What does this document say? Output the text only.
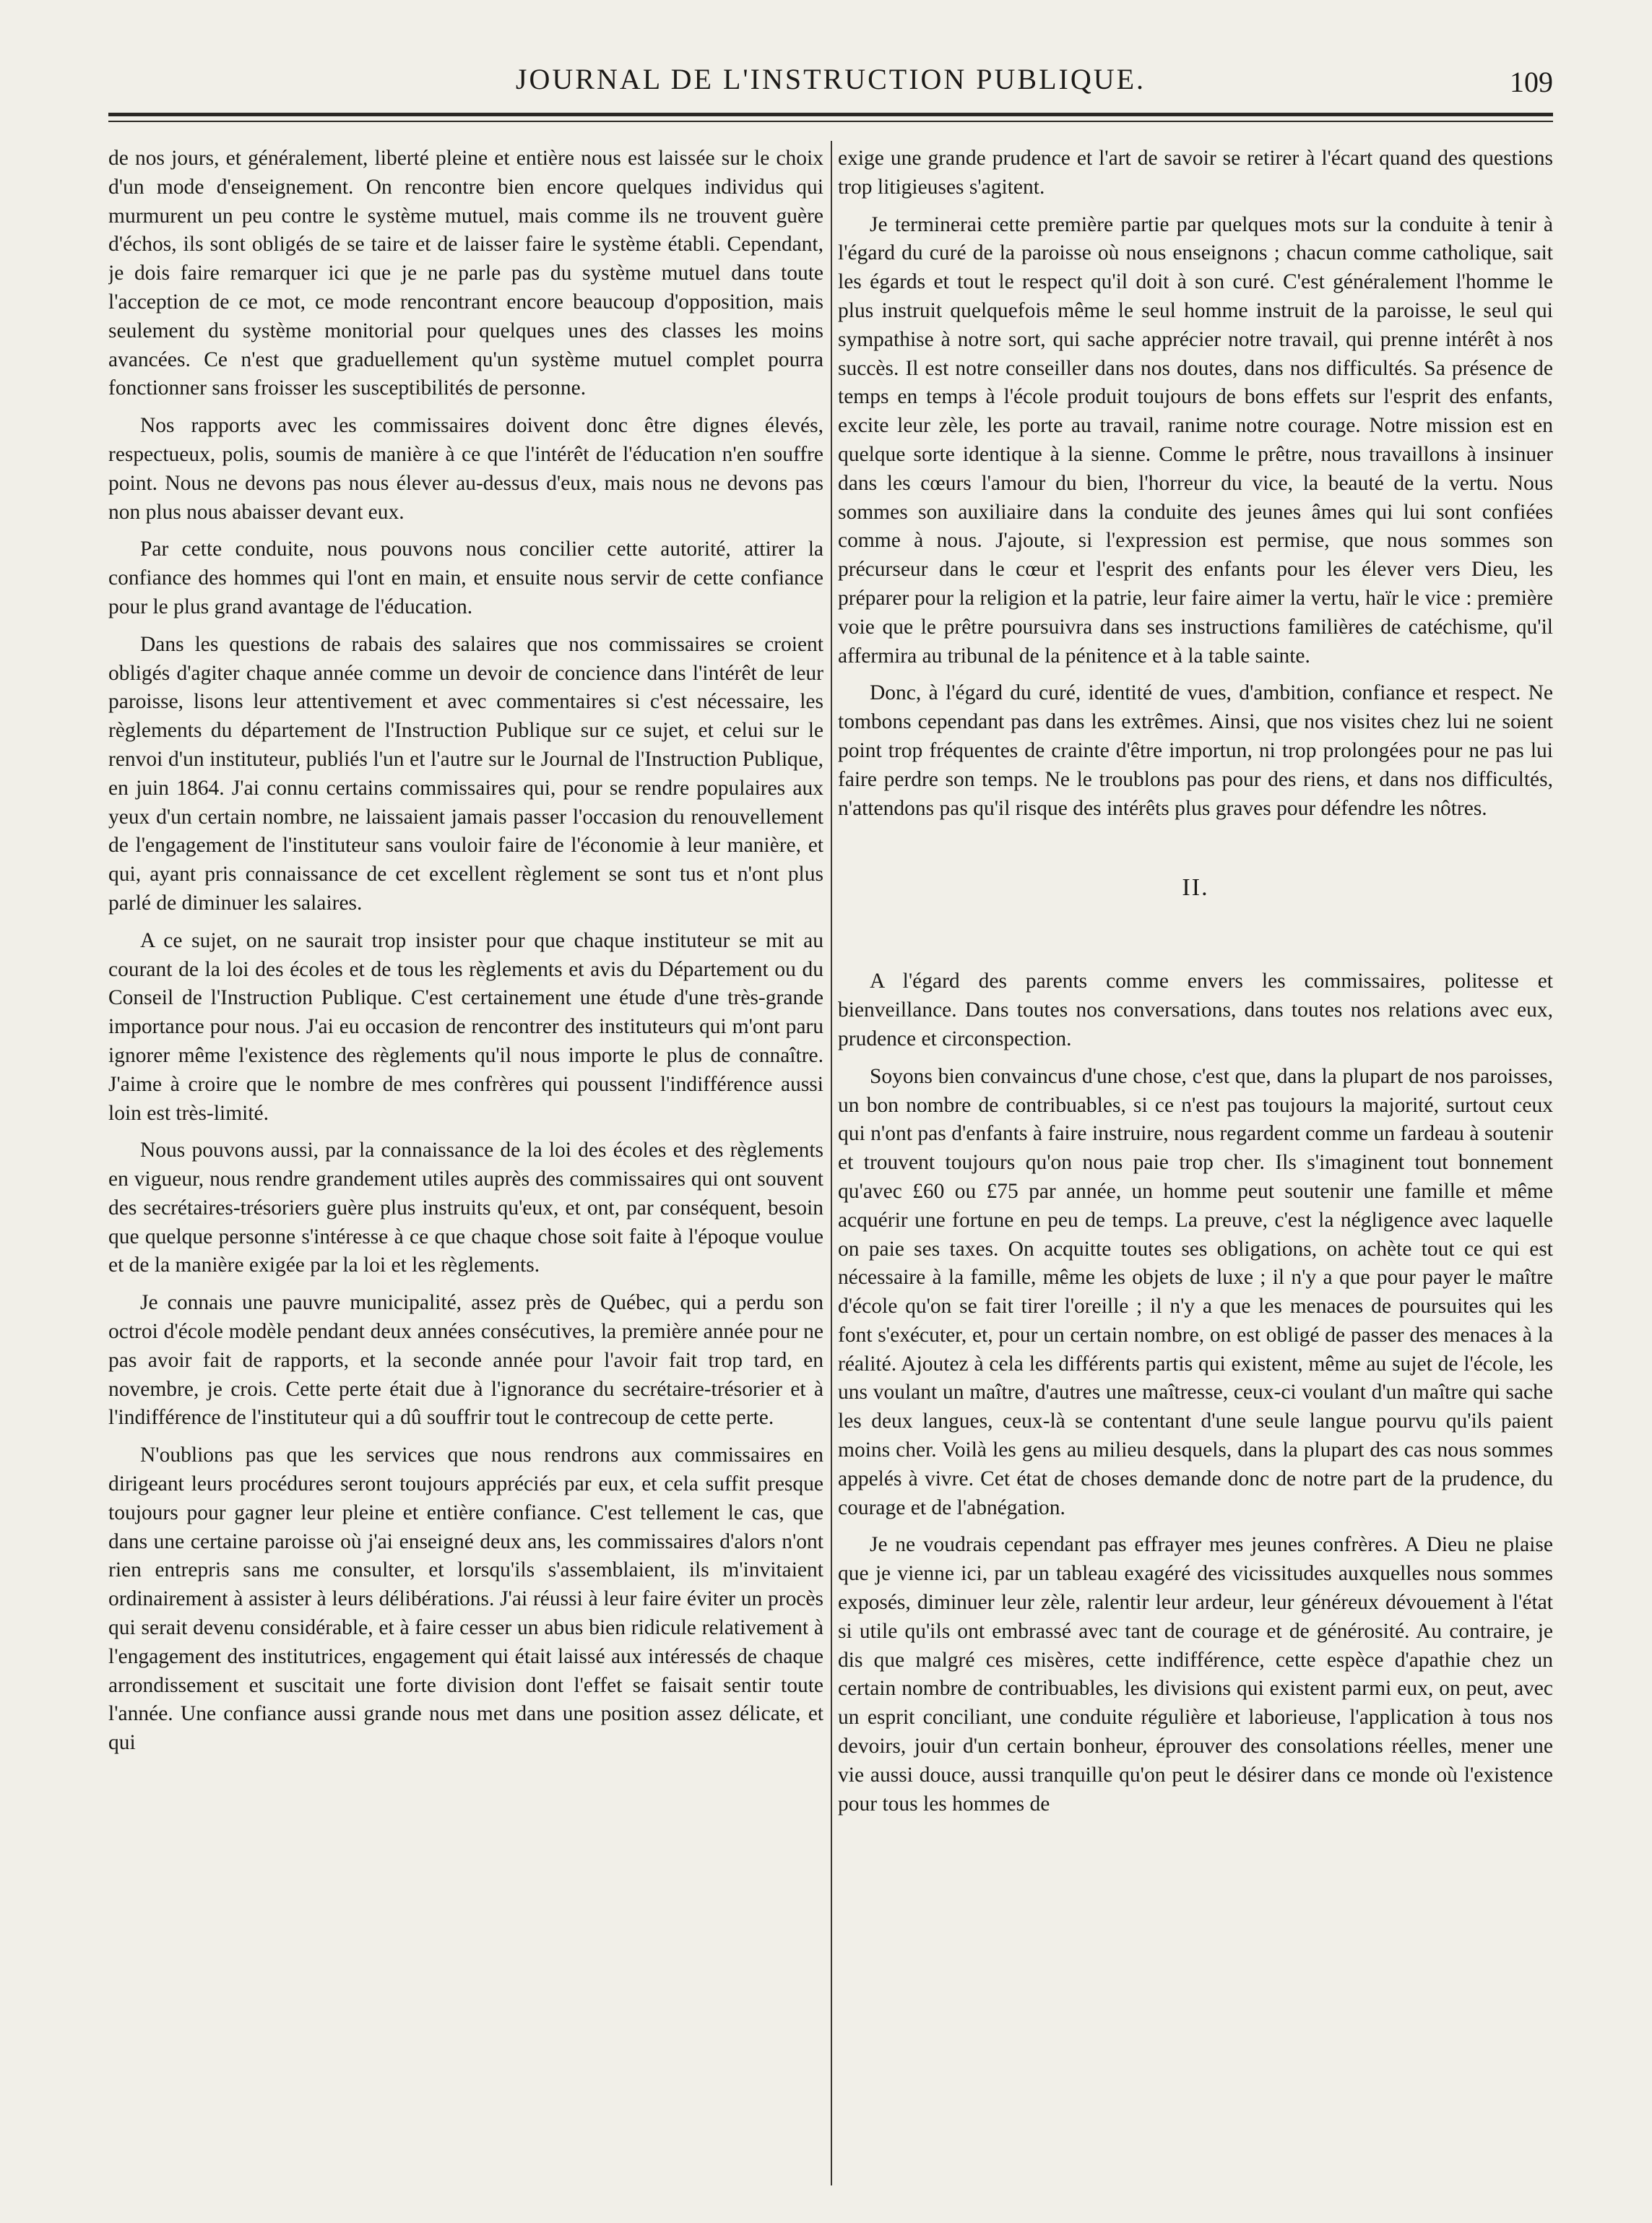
JOURNAL DE L'INSTRUCTION PUBLIQUE.	109

de nos jours, et généralement, liberté pleine et entière nous est laissée sur le choix d'un mode d'enseignement. On rencontre bien encore quelques individus qui murmurent un peu contre le système mutuel, mais comme ils ne trouvent guère d'échos, ils sont obligés de se taire et de laisser faire le système établi. Cependant, je dois faire remarquer ici que je ne parle pas du système mutuel dans toute l'acception de ce mot, ce mode rencontrant encore beaucoup d'opposition, mais seulement du système monitorial pour quelques unes des classes les moins avancées. Ce n'est que graduellement qu'un système mutuel complet pourra fonctionner sans froisser les susceptibilités de personne.

Nos rapports avec les commissaires doivent donc être dignes élevés, respectueux, polis, soumis de manière à ce que l'intérêt de l'éducation n'en souffre point. Nous ne devons pas nous élever au-dessus d'eux, mais nous ne devons pas non plus nous abaisser devant eux.

Par cette conduite, nous pouvons nous concilier cette autorité, attirer la confiance des hommes qui l'ont en main, et ensuite nous servir de cette confiance pour le plus grand avantage de l'éducation.

Dans les questions de rabais des salaires que nos commissaires se croient obligés d'agiter chaque année comme un devoir de concience dans l'intérêt de leur paroisse, lisons leur attentivement et avec commentaires si c'est nécessaire, les règlements du département de l'Instruction Publique sur ce sujet, et celui sur le renvoi d'un instituteur, publiés l'un et l'autre sur le Journal de l'Instruction Publique, en juin 1864. J'ai connu certains commissaires qui, pour se rendre populaires aux yeux d'un certain nombre, ne laissaient jamais passer l'occasion du renouvellement de l'engagement de l'instituteur sans vouloir faire de l'économie à leur manière, et qui, ayant pris connaissance de cet excellent règlement se sont tus et n'ont plus parlé de diminuer les salaires.

A ce sujet, on ne saurait trop insister pour que chaque instituteur se mit au courant de la loi des écoles et de tous les règlements et avis du Département ou du Conseil de l'Instruction Publique. C'est certainement une étude d'une très-grande importance pour nous. J'ai eu occasion de rencontrer des instituteurs qui m'ont paru ignorer même l'existence des règlements qu'il nous importe le plus de connaître. J'aime à croire que le nombre de mes confrères qui poussent l'indifférence aussi loin est très-limité.

Nous pouvons aussi, par la connaissance de la loi des écoles et des règlements en vigueur, nous rendre grandement utiles auprès des commissaires qui ont souvent des secrétaires-trésoriers guère plus instruits qu'eux, et ont, par conséquent, besoin que quelque personne s'intéresse à ce que chaque chose soit faite à l'époque voulue et de la manière exigée par la loi et les règlements.

Je connais une pauvre municipalité, assez près de Québec, qui a perdu son octroi d'école modèle pendant deux années consécutives, la première année pour ne pas avoir fait de rapports, et la seconde année pour l'avoir fait trop tard, en novembre, je crois. Cette perte était due à l'ignorance du secrétaire-trésorier et à l'indifférence de l'instituteur qui a dû souffrir tout le contrecoup de cette perte.

N'oublions pas que les services que nous rendrons aux commissaires en dirigeant leurs procédures seront toujours appréciés par eux, et cela suffit presque toujours pour gagner leur pleine et entière confiance. C'est tellement le cas, que dans une certaine paroisse où j'ai enseigné deux ans, les commissaires d'alors n'ont rien entrepris sans me consulter, et lorsqu'ils s'assemblaient, ils m'invitaient ordinairement à assister à leurs délibérations. J'ai réussi à leur faire éviter un procès qui serait devenu considérable, et à faire cesser un abus bien ridicule relativement à l'engagement des institutrices, engagement qui était laissé aux intéressés de chaque arrondissement et suscitait une forte division dont l'effet se faisait sentir toute l'année. Une confiance aussi grande nous met dans une position assez délicate, et qui

exige une grande prudence et l'art de savoir se retirer à l'écart quand des questions trop litigieuses s'agitent.

Je terminerai cette première partie par quelques mots sur la conduite à tenir à l'égard du curé de la paroisse où nous enseignons ; chacun comme catholique, sait les égards et tout le respect qu'il doit à son curé. C'est généralement l'homme le plus instruit quelquefois même le seul homme instruit de la paroisse, le seul qui sympathise à notre sort, qui sache apprécier notre travail, qui prenne intérêt à nos succès. Il est notre conseiller dans nos doutes, dans nos difficultés. Sa présence de temps en temps à l'école produit toujours de bons effets sur l'esprit des enfants, excite leur zèle, les porte au travail, ranime notre courage. Notre mission est en quelque sorte identique à la sienne. Comme le prêtre, nous travaillons à insinuer dans les cœurs l'amour du bien, l'horreur du vice, la beauté de la vertu. Nous sommes son auxiliaire dans la conduite des jeunes âmes qui lui sont confiées comme à nous. J'ajoute, si l'expression est permise, que nous sommes son précurseur dans le cœur et l'esprit des enfants pour les élever vers Dieu, les préparer pour la religion et la patrie, leur faire aimer la vertu, haïr le vice : première voie que le prêtre poursuivra dans ses instructions familières de catéchisme, qu'il affermira au tribunal de la pénitence et à la table sainte.

Donc, à l'égard du curé, identité de vues, d'ambition, confiance et respect. Ne tombons cependant pas dans les extrêmes. Ainsi, que nos visites chez lui ne soient point trop fréquentes de crainte d'être importun, ni trop prolongées pour ne pas lui faire perdre son temps. Ne le troublons pas pour des riens, et dans nos difficultés, n'attendons pas qu'il risque des intérêts plus graves pour défendre les nôtres.

II.

A l'égard des parents comme envers les commissaires, politesse et bienveillance. Dans toutes nos conversations, dans toutes nos relations avec eux, prudence et circonspection.

Soyons bien convaincus d'une chose, c'est que, dans la plupart de nos paroisses, un bon nombre de contribuables, si ce n'est pas toujours la majorité, surtout ceux qui n'ont pas d'enfants à faire instruire, nous regardent comme un fardeau à soutenir et trouvent toujours qu'on nous paie trop cher. Ils s'imaginent tout bonnement qu'avec £60 ou £75 par année, un homme peut soutenir une famille et même acquérir une fortune en peu de temps. La preuve, c'est la négligence avec laquelle on paie ses taxes. On acquitte toutes ses obligations, on achète tout ce qui est nécessaire à la famille, même les objets de luxe ; il n'y a que pour payer le maître d'école qu'on se fait tirer l'oreille ; il n'y a que les menaces de poursuites qui les font s'exécuter, et, pour un certain nombre, on est obligé de passer des menaces à la réalité. Ajoutez à cela les différents partis qui existent, même au sujet de l'école, les uns voulant un maître, d'autres une maîtresse, ceux-ci voulant d'un maître qui sache les deux langues, ceux-là se contentant d'une seule langue pourvu qu'ils paient moins cher. Voilà les gens au milieu desquels, dans la plupart des cas nous sommes appelés à vivre. Cet état de choses demande donc de notre part de la prudence, du courage et de l'abnégation.

Je ne voudrais cependant pas effrayer mes jeunes confrères. A Dieu ne plaise que je vienne ici, par un tableau exagéré des vicissitudes auxquelles nous sommes exposés, diminuer leur zèle, ralentir leur ardeur, leur généreux dévouement à l'état si utile qu'ils ont embrassé avec tant de courage et de générosité. Au contraire, je dis que malgré ces misères, cette indifférence, cette espèce d'apathie chez un certain nombre de contribuables, les divisions qui existent parmi eux, on peut, avec un esprit conciliant, une conduite régulière et laborieuse, l'application à tous nos devoirs, jouir d'un certain bonheur, éprouver des consolations réelles, mener une vie aussi douce, aussi tranquille qu'on peut le désirer dans ce monde où l'existence pour tous les hommes de
